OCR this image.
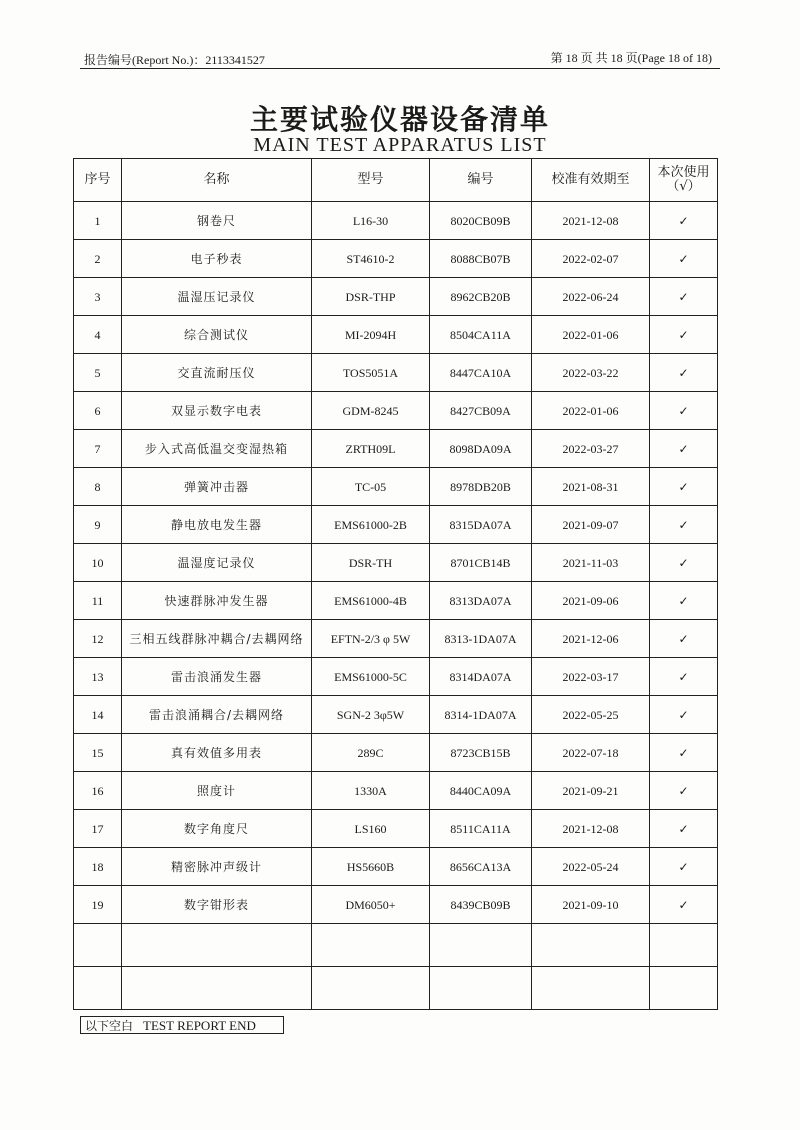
报告编号(Report No.)：2113341527	第 18 页 共 18 页(Page 18 of 18)
主要试验仪器设备清单
MAIN TEST APPARATUS LIST
序号	名称	型号	编号	校准有效期至	本次使用（√）
1	钢卷尺	L16-30	8020CB09B	2021-12-08	✓
2	电子秒表	ST4610-2	8088CB07B	2022-02-07	✓
3	温湿压记录仪	DSR-THP	8962CB20B	2022-06-24	✓
4	综合测试仪	MI-2094H	8504CA11A	2022-01-06	✓
5	交直流耐压仪	TOS5051A	8447CA10A	2022-03-22	✓
6	双显示数字电表	GDM-8245	8427CB09A	2022-01-06	✓
7	步入式高低温交变湿热箱	ZRTH09L	8098DA09A	2022-03-27	✓
8	弹簧冲击器	TC-05	8978DB20B	2021-08-31	✓
9	静电放电发生器	EMS61000-2B	8315DA07A	2021-09-07	✓
10	温湿度记录仪	DSR-TH	8701CB14B	2021-11-03	✓
11	快速群脉冲发生器	EMS61000-4B	8313DA07A	2021-09-06	✓
12	三相五线群脉冲耦合/去耦网络	EFTN-2/3 φ 5W	8313-1DA07A	2021-12-06	✓
13	雷击浪涌发生器	EMS61000-5C	8314DA07A	2022-03-17	✓
14	雷击浪涌耦合/去耦网络	SGN-2 3φ5W	8314-1DA07A	2022-05-25	✓
15	真有效值多用表	289C	8723CB15B	2022-07-18	✓
16	照度计	1330A	8440CA09A	2021-09-21	✓
17	数字角度尺	LS160	8511CA11A	2021-12-08	✓
18	精密脉冲声级计	HS5660B	8656CA13A	2022-05-24	✓
19	数字钳形表	DM6050+	8439CB09B	2021-09-10	✓

以下空白 TEST REPORT END
